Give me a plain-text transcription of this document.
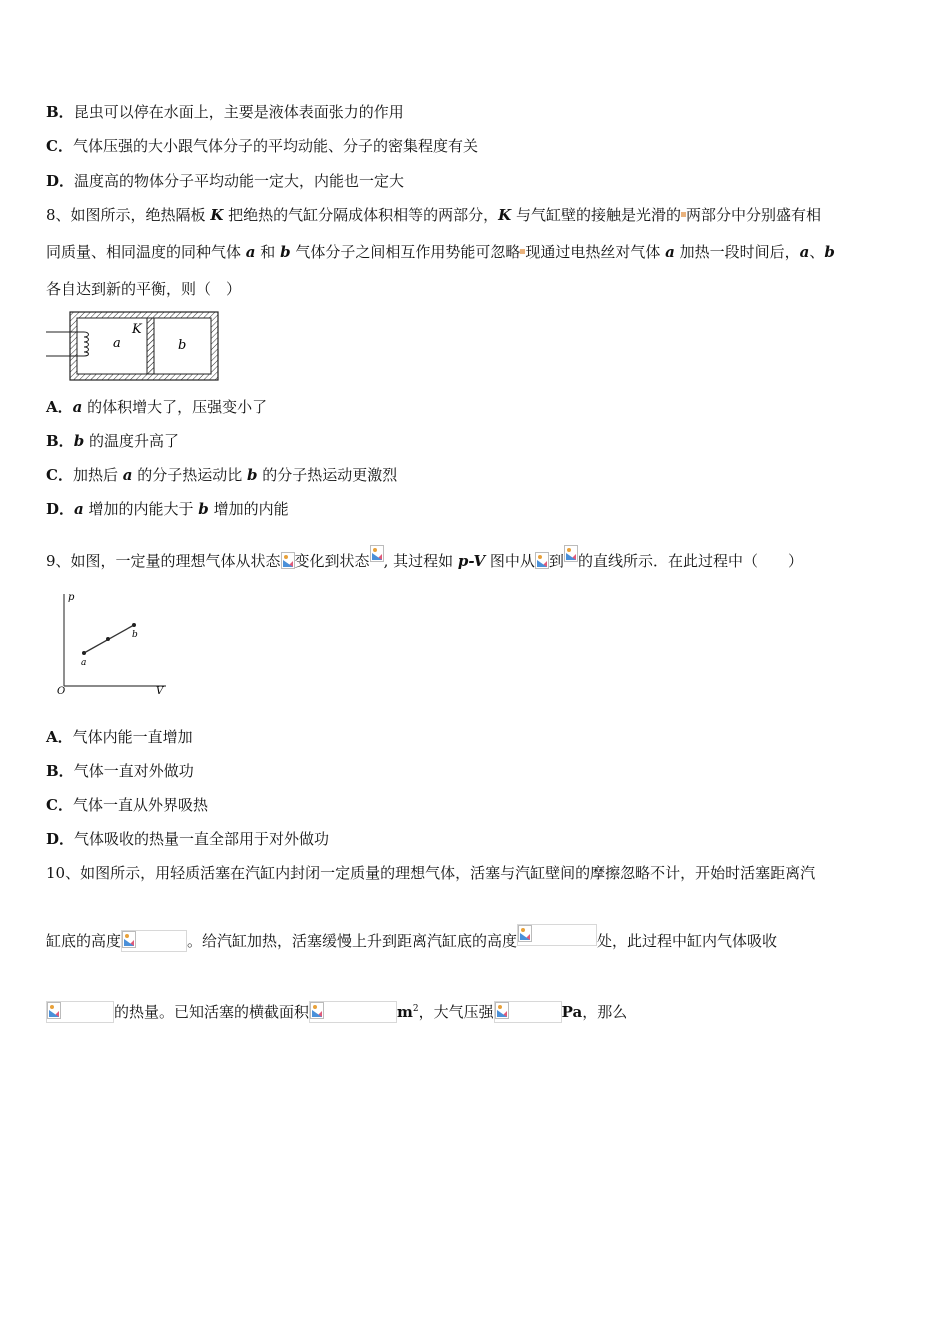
B．昆虫可以停在水面上，主要是液体表面张力的作用
C．气体压强的大小跟气体分子的平均动能、分子的密集程度有关
D．温度高的物体分子平均动能一定大，内能也一定大
8、如图所示，绝热隔板 K 把绝热的气缸分隔成体积相等的两部分，K 与气缸壁的接触是光滑的 两部分中分别盛有相
同质量、相同温度的同种气体 a 和 b 气体分子之间相互作用势能可忽略 现通过电热丝对气体 a 加热一段时间后，a、b
各自达到新的平衡，则（　）
a	b
K
A．a 的体积增大了，压强变小了
B．b 的温度升高了
C．加热后 a 的分子热运动比 b 的分子热运动更激烈
D．a 增加的内能大于 b 增加的内能
9、如图，一定量的理想气体从状态 变化到状态 , 其过程如 p-V 图中从 到 的直线所示．在此过程中（　　）
p
V
O
a
b
A．气体内能一直增加
B．气体一直对外做功
C．气体一直从外界吸热
D．气体吸收的热量一直全部用于对外做功
10、如图所示，用轻质活塞在汽缸内封闭一定质量的理想气体，活塞与汽缸壁间的摩擦忽略不计，开始时活塞距离汽
缸底的高度	。给汽缸加热，活塞缓慢上升到距离汽缸底的高度	处，此过程中缸内气体吸收
的热量。已知活塞的横截面积	$m^2$，大气压强	Pa，那么
